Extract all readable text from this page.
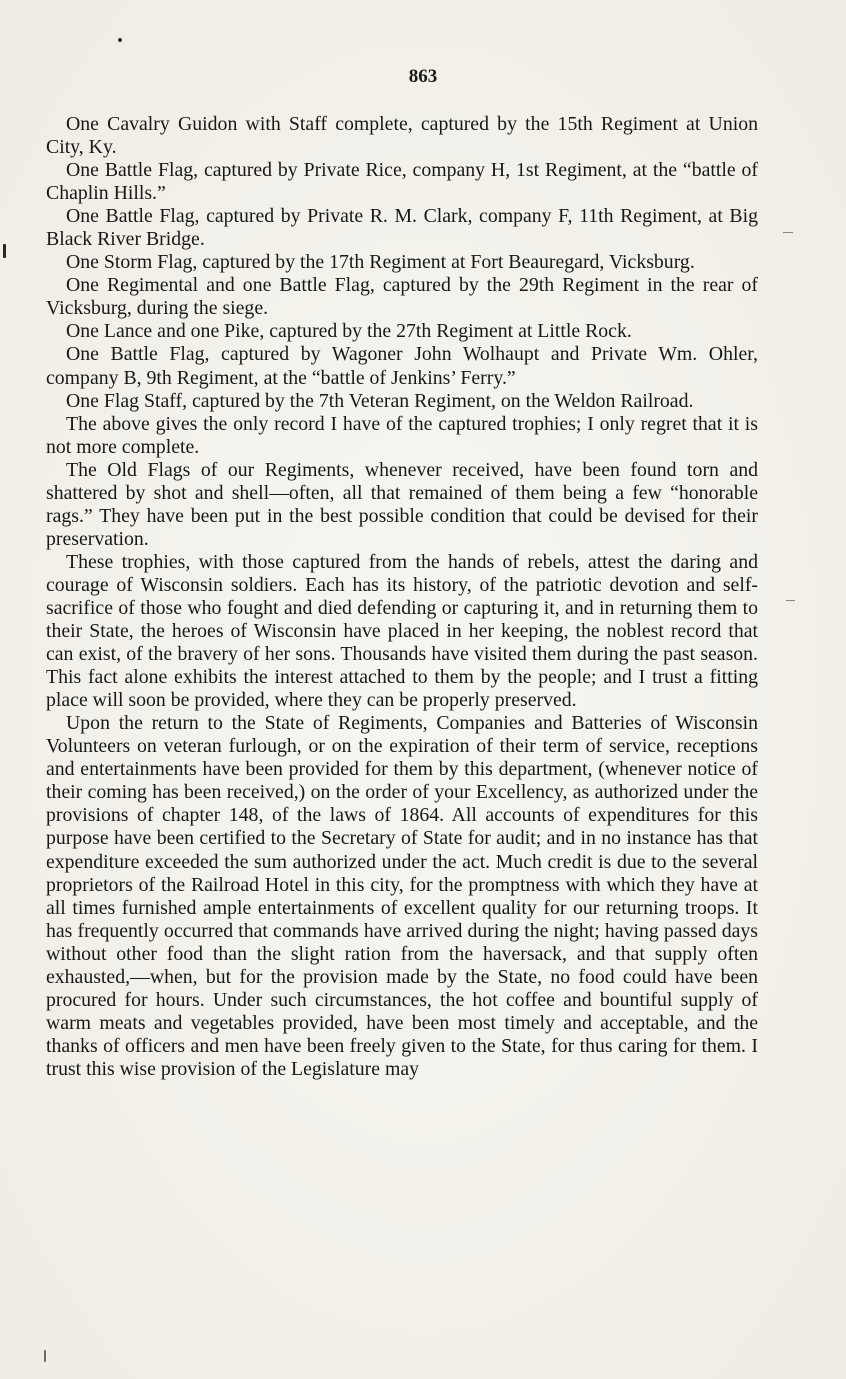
863

One Cavalry Guidon with Staff complete, captured by the 15th Regiment at Union City, Ky.

One Battle Flag, captured by Private Rice, company H, 1st Regiment, at the “battle of Chaplin Hills.”

One Battle Flag, captured by Private R. M. Clark, company F, 11th Regiment, at Big Black River Bridge.

One Storm Flag, captured by the 17th Regiment at Fort Beauregard, Vicksburg.

One Regimental and one Battle Flag, captured by the 29th Regiment in the rear of Vicksburg, during the siege.

One Lance and one Pike, captured by the 27th Regiment at Little Rock.

One Battle Flag, captured by Wagoner John Wolhaupt and Private Wm. Ohler, company B, 9th Regiment, at the “battle of Jenkins’ Ferry.”

One Flag Staff, captured by the 7th Veteran Regiment, on the Weldon Railroad.

The above gives the only record I have of the captured trophies; I only regret that it is not more complete.

The Old Flags of our Regiments, whenever received, have been found torn and shattered by shot and shell—often, all that remained of them being a few “honorable rags.” They have been put in the best possible condition that could be devised for their preservation.

These trophies, with those captured from the hands of rebels, attest the daring and courage of Wisconsin soldiers. Each has its history, of the patriotic devotion and self-sacrifice of those who fought and died defending or capturing it, and in returning them to their State, the heroes of Wisconsin have placed in her keeping, the noblest record that can exist, of the bravery of her sons. Thousands have visited them during the past season. This fact alone exhibits the interest attached to them by the people; and I trust a fitting place will soon be provided, where they can be properly preserved.

Upon the return to the State of Regiments, Companies and Batteries of Wisconsin Volunteers on veteran furlough, or on the expiration of their term of service, receptions and entertainments have been provided for them by this department, (whenever notice of their coming has been received,) on the order of your Excellency, as authorized under the provisions of chapter 148, of the laws of 1864. All accounts of expenditures for this purpose have been certified to the Secretary of State for audit; and in no instance has that expenditure exceeded the sum authorized under the act. Much credit is due to the several proprietors of the Railroad Hotel in this city, for the promptness with which they have at all times furnished ample entertainments of excellent quality for our returning troops. It has frequently occurred that commands have arrived during the night; having passed days without other food than the slight ration from the haversack, and that supply often exhausted,—when, but for the provision made by the State, no food could have been procured for hours. Under such circumstances, the hot coffee and bountiful supply of warm meats and vegetables provided, have been most timely and acceptable, and the thanks of officers and men have been freely given to the State, for thus caring for them. I trust this wise provision of the Legislature may
